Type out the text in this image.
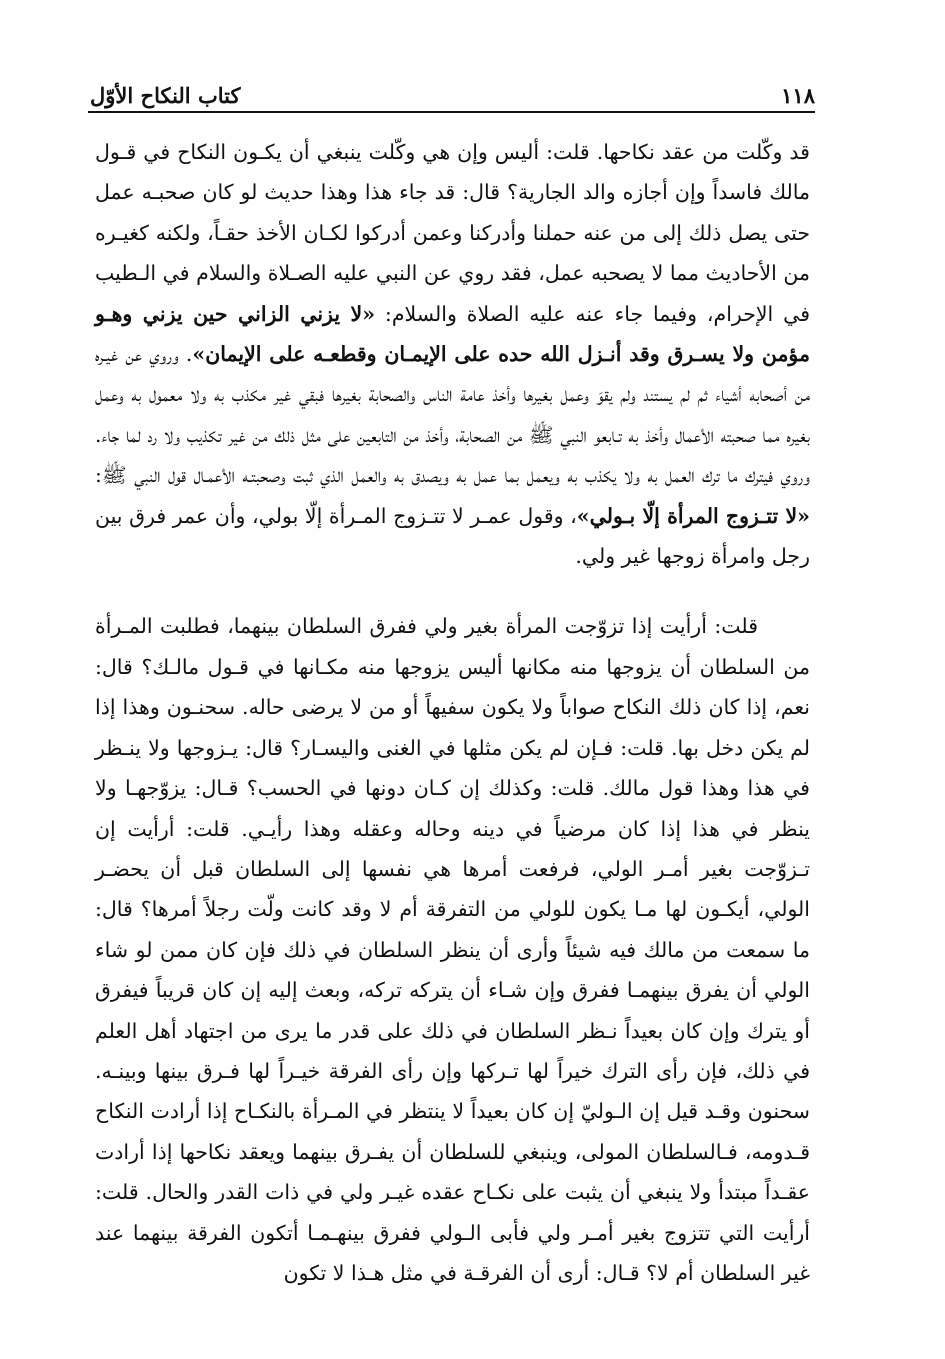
١١٨
كتاب النكاح الأوّل

قد وكّلت من عقد نكاحها. قلت: أليس وإن هي وكّلت ينبغي أن يكـون النكاح في قـول مالك فاسداً وإن أجازه والد الجارية؟ قال: قد جاء هذا وهذا حديث لو كان صحبـه عمل حتى يصل ذلك إلى من عنه حملنا وأدركنا وعمن أدركوا لكـان الأخذ حقـاً، ولكنه كغيـره من الأحاديث مما لا يصحبه عمل، فقد روي عن النبي عليه الصـلاة والسلام في الـطيب في الإحرام، وفيما جاء عنه عليه الصلاة والسلام: «لا يزني الزاني حين يزني وهـو مؤمن ولا يسـرق وقد أنـزل الله حده على الإيمـان وقطعـه على الإيمان». وروي عن غيـره من أصحابه أشياء ثم لم يستند ولم يقوَ وعمل بغيرها وأخذ عامة الناس والصحابة بغيرها فبقي غير مكذب به ولا معمول به وعمل بغيره مما صحبته الأعمال وأخذ به تـابعو النبي ﷺ من الصحابة، وأخذ من التابعين على مثل ذلك من غير تكذيب ولا رد لما جاء. وروي فيترك ما ترك العمل به ولا يكذب به ويعمل بما عمل به ويصدق به والعمل الذي ثبت وصحبتـه الأعمـال قول النبي ﷺ: «لا تتـزوج المرأة إلّا بـولي»، وقول عمـر لا تتـزوج المـرأة إلّا بولي، وأن عمر فرق بين رجل وامرأة زوجها غير ولي.

قلت: أرأيت إذا تزوّجت المرأة بغير ولي ففرق السلطان بينهما، فطلبت المـرأة من السلطان أن يزوجها منه مكانها أليس يزوجها منه مكـانها في قـول مالـك؟ قال: نعم، إذا كان ذلك النكاح صواباً ولا يكون سفيهاً أو من لا يرضى حاله. سحنـون وهذا إذا لم يكن دخل بها. قلت: فـإن لم يكن مثلها في الغنى واليسـار؟ قال: يـزوجها ولا ينـظر في هذا وهذا قول مالك. قلت: وكذلك إن كـان دونها في الحسب؟ قـال: يزوّجهـا ولا ينظر في هذا إذا كان مرضياً في دينه وحاله وعقله وهذا رأيـي. قلت: أرأيت إن تـزوّجت بغير أمـر الولي، فرفعت أمرها هي نفسها إلى السلطان قبل أن يحضـر الولي، أيكـون لها مـا يكون للولي من التفرقة أم لا وقد كانت ولّت رجلاً أمرها؟ قال: ما سمعت من مالك فيه شيئاً وأرى أن ينظر السلطان في ذلك فإن كان ممن لو شاء الولي أن يفرق بينهمـا ففرق وإن شـاء أن يتركه تركه، وبعث إليه إن كان قريباً فيفرق أو يترك وإن كان بعيداً نـظر السلطان في ذلك على قدر ما يرى من اجتهاد أهل العلم في ذلك، فإن رأى الترك خيراً لها تـركها وإن رأى الفرقة خيـراً لها فـرق بينها وبينـه. سحنون وقـد قيل إن الـوليّ إن كان بعيداً لا ينتظر في المـرأة بالنكـاح إذا أرادت النكاح قـدومه، فـالسلطان المولى، وينبغي للسلطان أن يفـرق بينهما ويعقد نكاحها إذا أرادت عقـداً مبتدأ ولا ينبغي أن يثبت على نكـاح عقده غيـر ولي في ذات القدر والحال. قلت: أرأيت التي تتزوج بغير أمـر ولي فأبى الـولي ففرق بينهـمـا أتكون الفرقة بينهما عند غير السلطان أم لا؟ قـال: أرى أن الفرقـة في مثل هـذا لا تكون
